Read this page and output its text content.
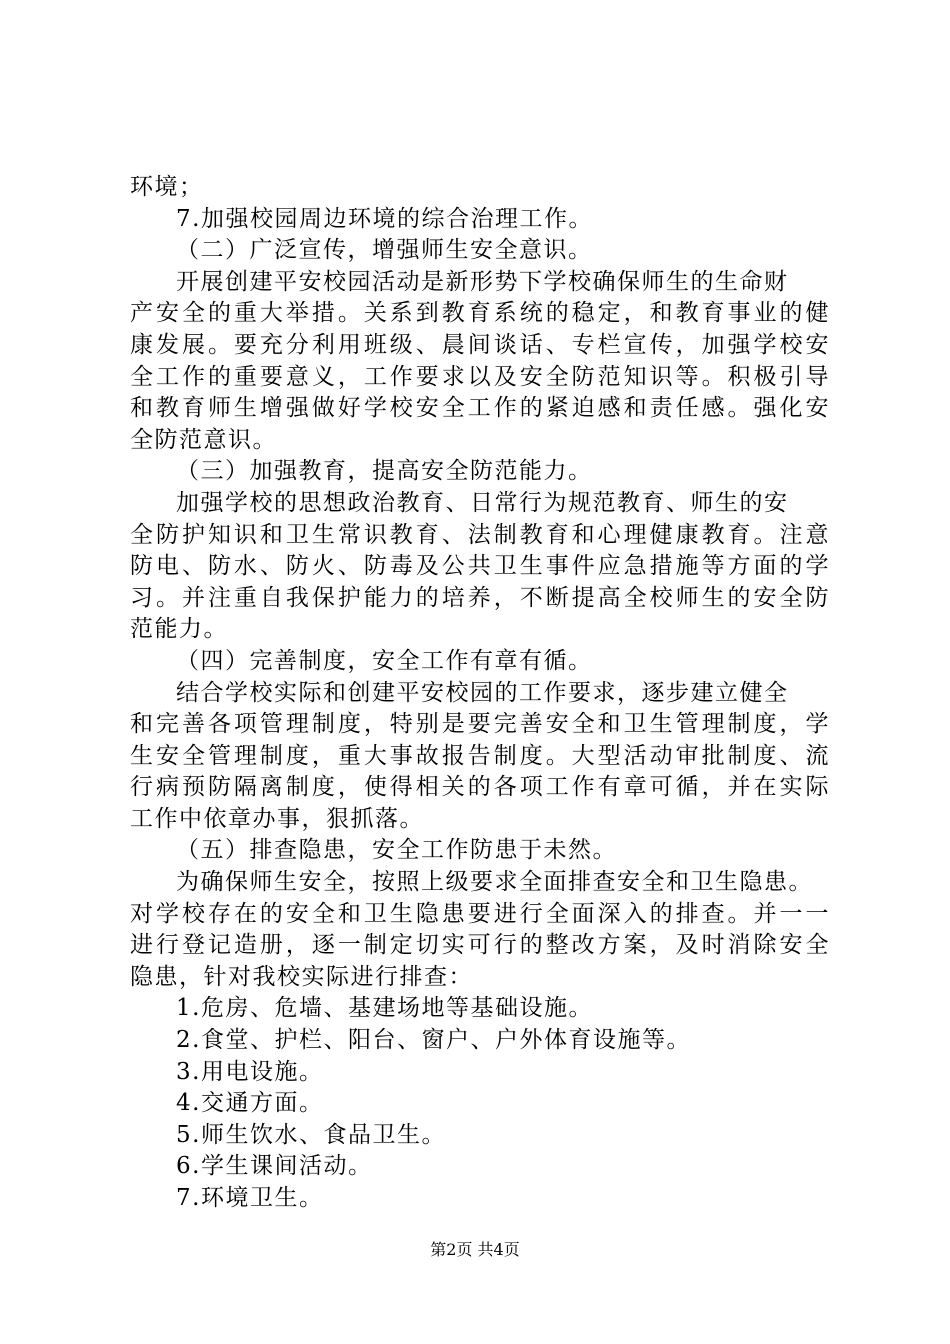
环境；
7.加强校园周边环境的综合治理工作。
（二）广泛宣传，增强师生安全意识。
开展创建平安校园活动是新形势下学校确保师生的生命财
产安全的重大举措。关系到教育系统的稳定，和教育事业的健
康发展。要充分利用班级、晨间谈话、专栏宣传，加强学校安
全工作的重要意义，工作要求以及安全防范知识等。积极引导
和教育师生增强做好学校安全工作的紧迫感和责任感。强化安
全防范意识。
（三）加强教育，提高安全防范能力。
加强学校的思想政治教育、日常行为规范教育、师生的安
全防护知识和卫生常识教育、法制教育和心理健康教育。注意
防电、防水、防火、防毒及公共卫生事件应急措施等方面的学
习。并注重自我保护能力的培养，不断提高全校师生的安全防
范能力。
（四）完善制度，安全工作有章有循。
结合学校实际和创建平安校园的工作要求，逐步建立健全
和完善各项管理制度，特别是要完善安全和卫生管理制度，学
生安全管理制度，重大事故报告制度。大型活动审批制度、流
行病预防隔离制度，使得相关的各项工作有章可循，并在实际
工作中依章办事，狠抓落。
（五）排查隐患，安全工作防患于未然。
为确保师生安全，按照上级要求全面排查安全和卫生隐患。
对学校存在的安全和卫生隐患要进行全面深入的排查。并一一
进行登记造册，逐一制定切实可行的整改方案，及时消除安全
隐患，针对我校实际进行排查：
1.危房、危墙、基建场地等基础设施。
2.食堂、护栏、阳台、窗户、户外体育设施等。
3.用电设施。
4.交通方面。
5.师生饮水、食品卫生。
6.学生课间活动。
7.环境卫生。
第2页 共4页
